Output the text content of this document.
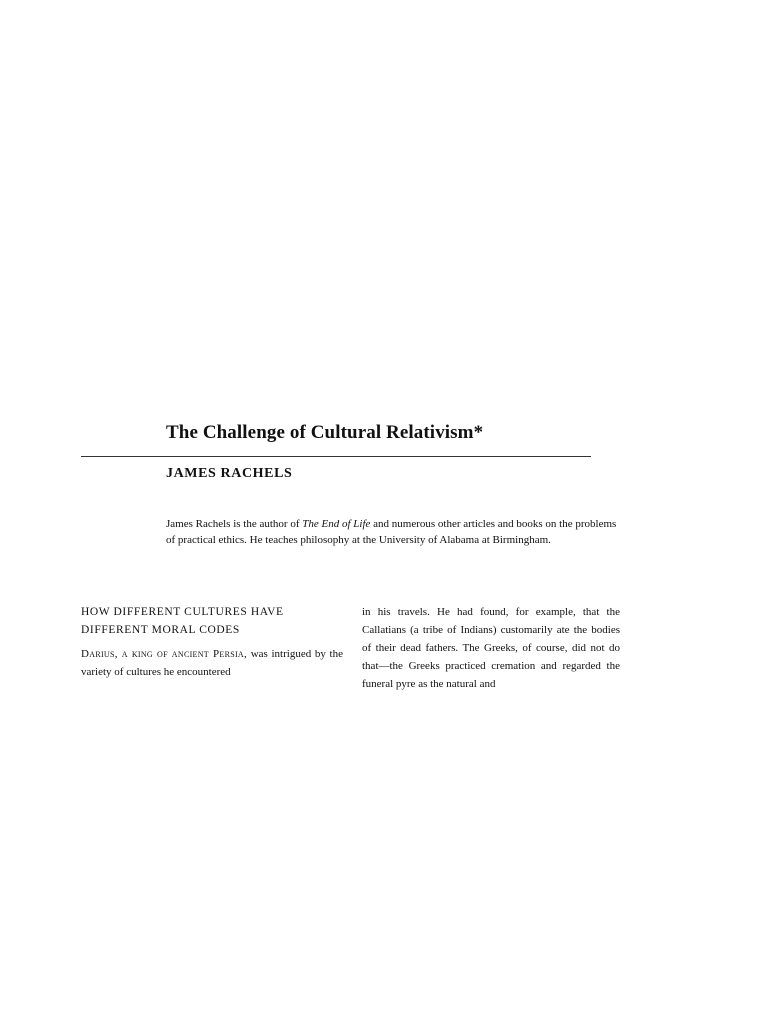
The Challenge of Cultural Relativism*
JAMES RACHELS

James Rachels is the author of The End of Life and numerous other articles and books on the problems of practical ethics. He teaches philosophy at the University of Alabama at Birmingham.

HOW DIFFERENT CULTURES HAVE DIFFERENT MORAL CODES

Darius, a king of ancient Persia, was intrigued by the variety of cultures he encountered

in his travels. He had found, for example, that the Callatians (a tribe of Indians) customarily ate the bodies of their dead fathers. The Greeks, of course, did not do that—the Greeks practiced cremation and regarded the funeral pyre as the natural and
